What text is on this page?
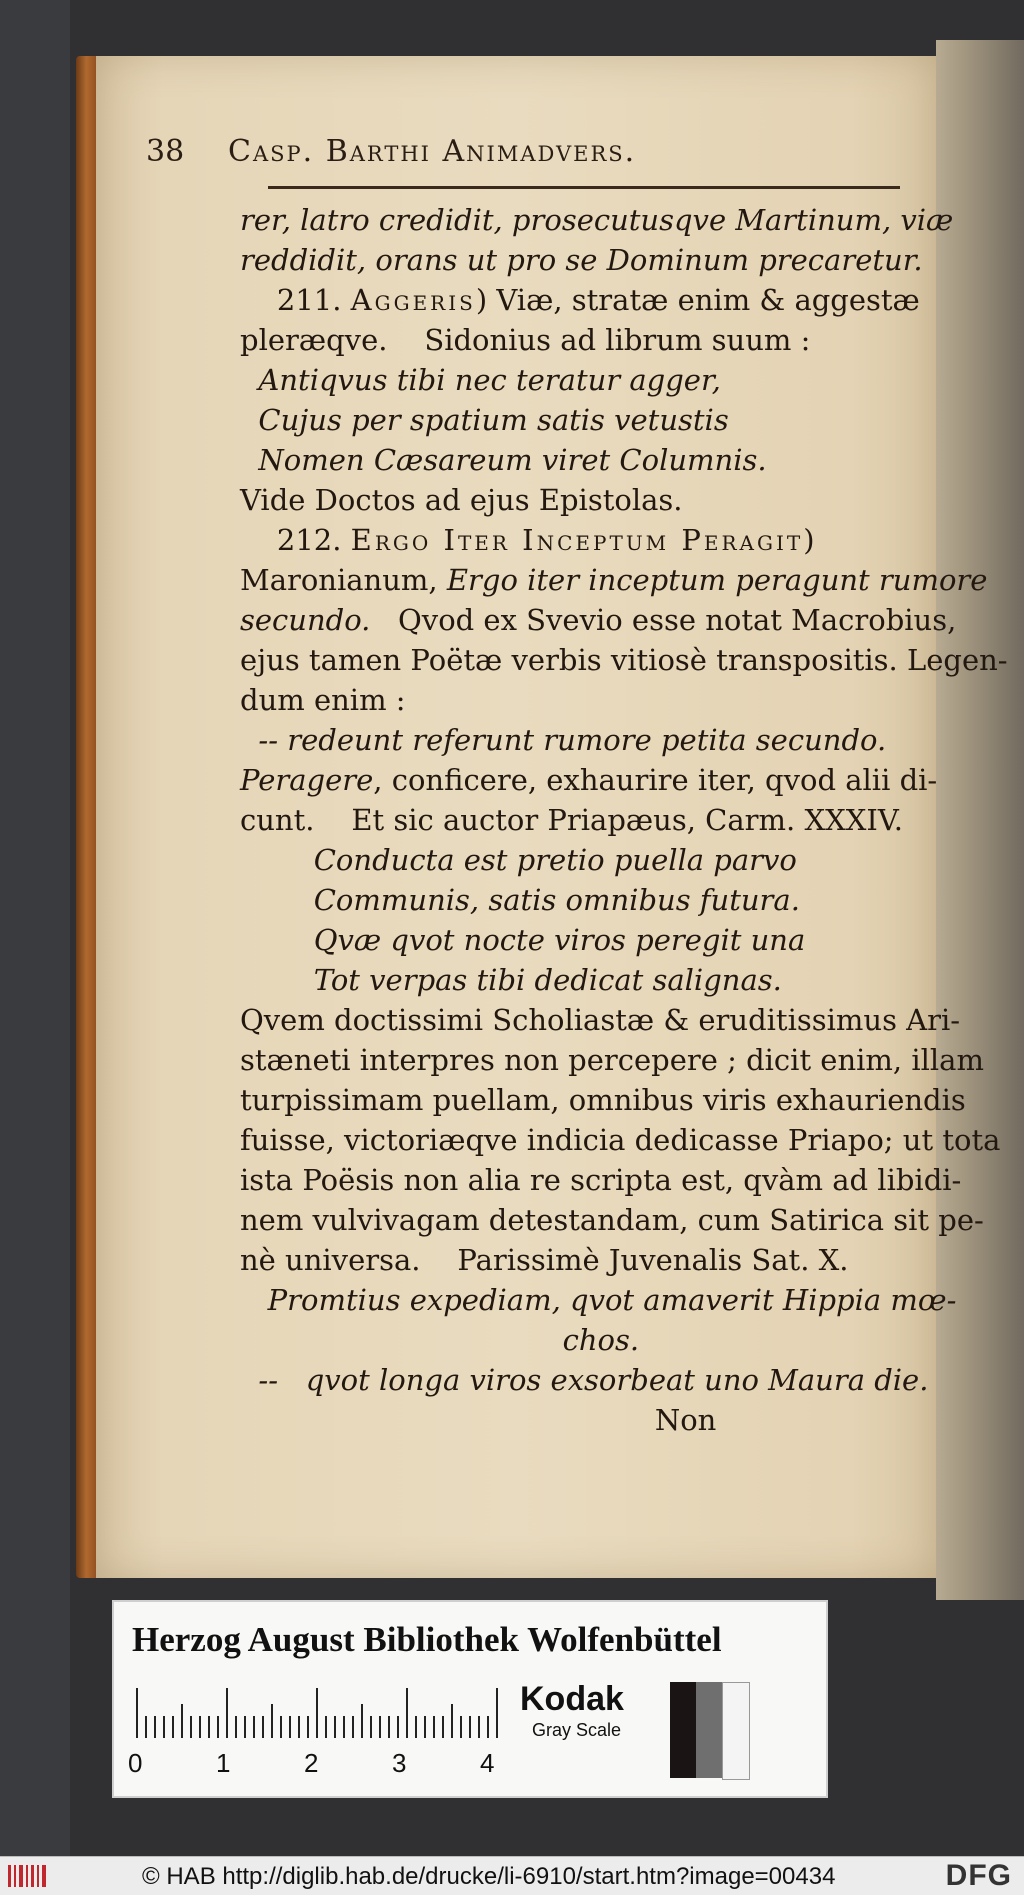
38 Casp. Barthi Animadvers.
rer, latro credidit, prosecutusqve Martinum, viæ
reddidit, orans ut pro se Dominum precaretur.
211. Aggeris) Viæ, stratæ enim & aggestæ
pleræqve.    Sidonius ad librum suum :
Antiqvus tibi nec teratur agger,
Cujus per spatium satis vetustis
Nomen Cæsareum viret Columnis.
Vide Doctos ad ejus Epistolas.
212. Ergo Iter Inceptum Peragit)
Maronianum, Ergo iter inceptum peragunt rumore
secundo.   Qvod ex Svevio esse notat Macrobius,
ejus tamen Poëtæ verbis vitiosè transpositis. Legen-
dum enim :
-- redeunt referunt rumore petita secundo.
Peragere, conficere, exhaurire iter, qvod alii di-
cunt.    Et sic auctor Priapæus, Carm. XXXIV.
Conducta est pretio puella parvo
Communis, satis omnibus futura.
Qvæ qvot nocte viros peregit una
Tot verpas tibi dedicat salignas.
Qvem doctissimi Scholiastæ & eruditissimus Ari-
stæneti interpres non percepere ; dicit enim, illam
turpissimam puellam, omnibus viris exhauriendis
fuisse, victoriæqve indicia dedicasse Priapo; ut tota
ista Poësis non alia re scripta est, qvàm ad libidi-
nem vulvivagam detestandam, cum Satirica sit pe-
nè universa.    Parissimè Juvenalis Sat. X.
Promtius expediam, qvot amaverit Hippia mœ-
chos.
--   qvot longa viros exsorbeat uno Maura die.
Non
Herzog August Bibliothek Wolfenbüttel
0	1	2	3	4
Kodak
Gray Scale
© HAB http://diglib.hab.de/drucke/li-6910/start.htm?image=00434	DFG
